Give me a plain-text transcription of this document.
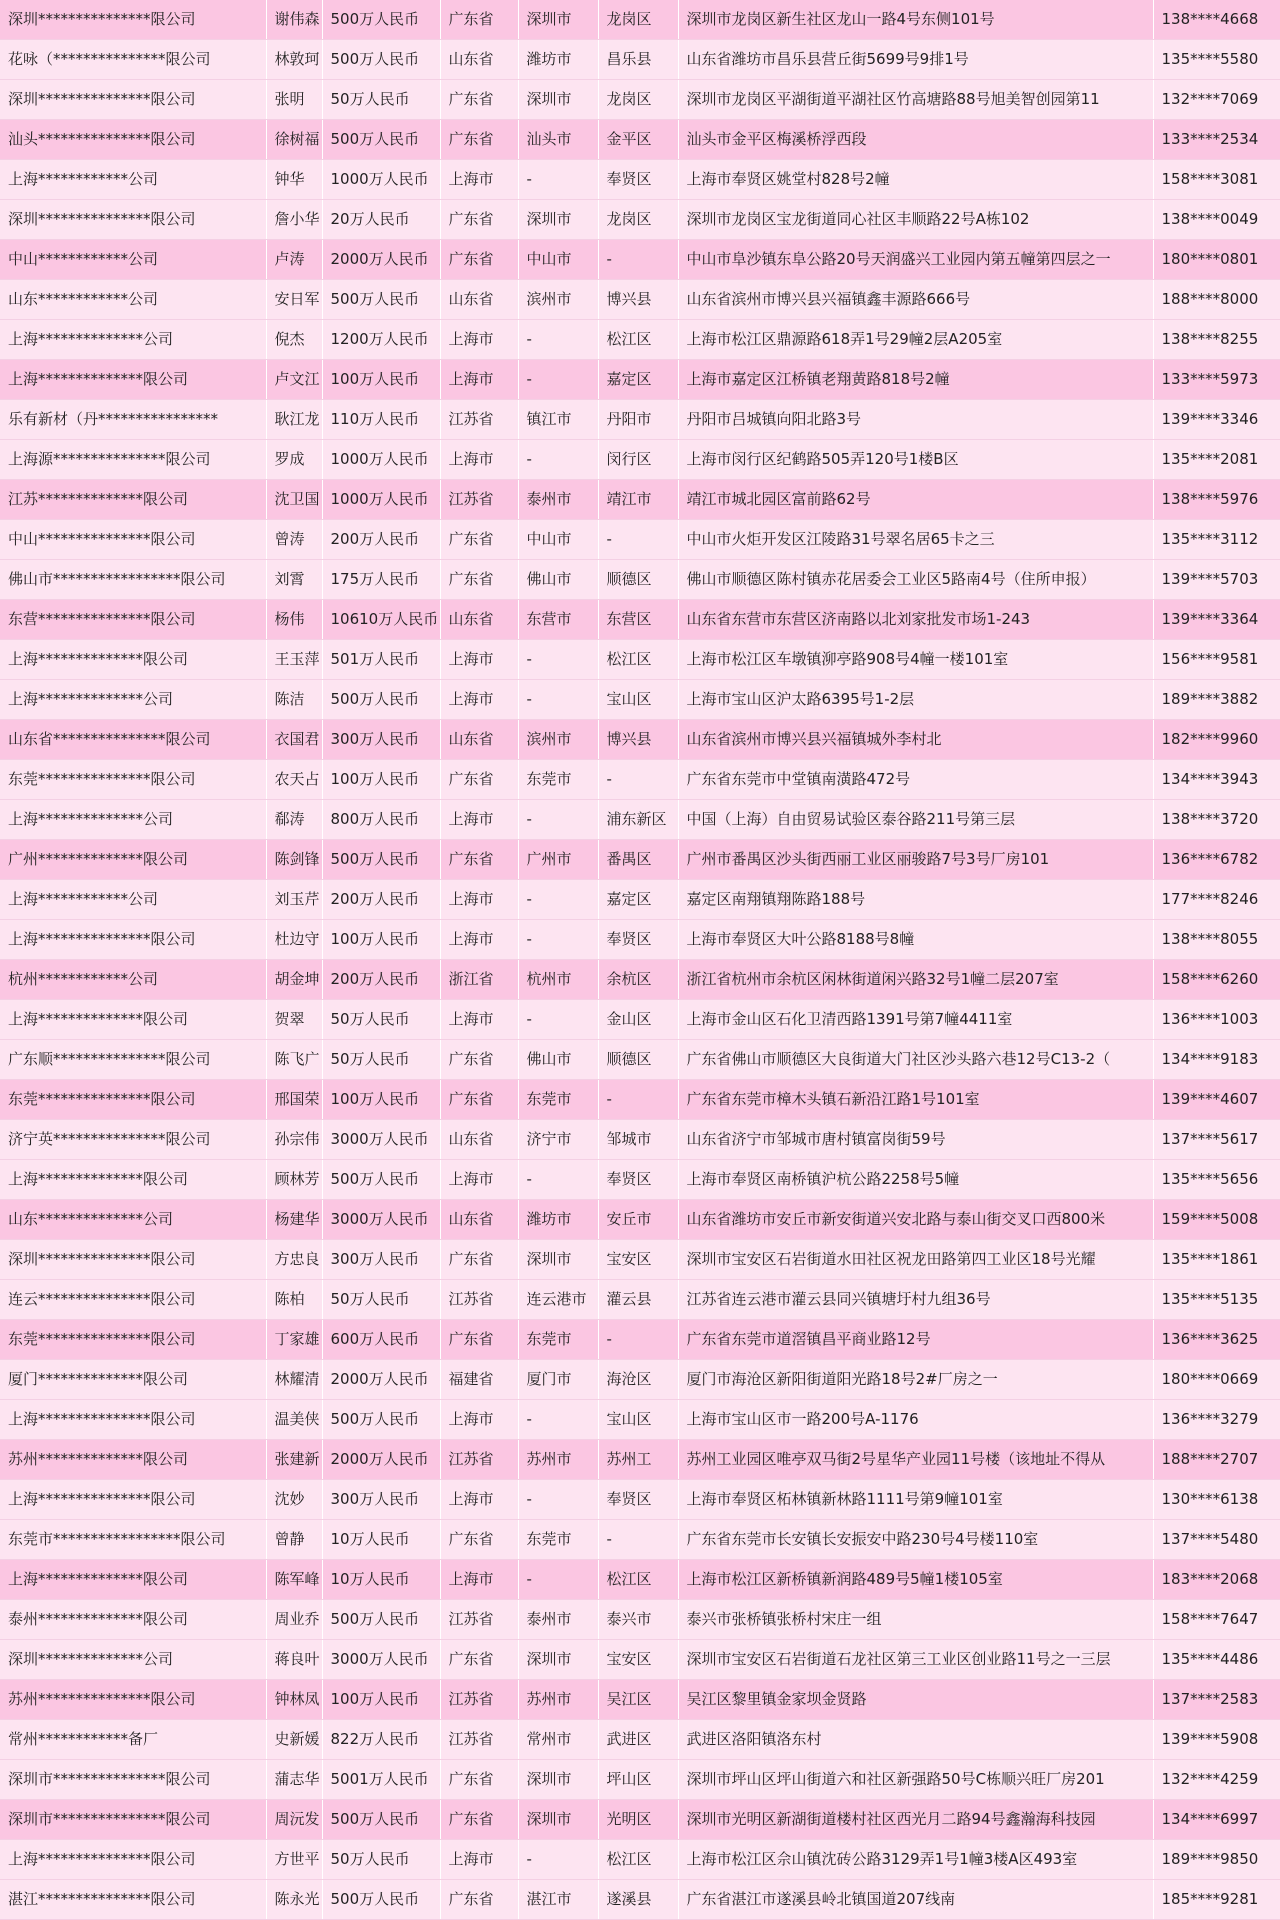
深圳***************限公司	谢伟森	500万人民币	广东省	深圳市	龙岗区	深圳市龙岗区新生社区龙山一路4号东侧101号	138****4668
花咏（***************限公司	林敦珂	500万人民币	山东省	潍坊市	昌乐县	山东省潍坊市昌乐县营丘街5699号9排1号	135****5580
深圳***************限公司	张明	50万人民币	广东省	深圳市	龙岗区	深圳市龙岗区平湖街道平湖社区竹高塘路88号旭美智创园第11	132****7069
汕头***************限公司	徐树福	500万人民币	广东省	汕头市	金平区	汕头市金平区梅溪桥浮西段	133****2534
上海************公司	钟华	1000万人民币	上海市	-	奉贤区	上海市奉贤区姚堂村828号2幢	158****3081
深圳***************限公司	詹小华	20万人民币	广东省	深圳市	龙岗区	深圳市龙岗区宝龙街道同心社区丰顺路22号A栋102	138****0049
中山************公司	卢涛	2000万人民币	广东省	中山市	-	中山市阜沙镇东阜公路20号天润盛兴工业园内第五幢第四层之一	180****0801
山东************公司	安日军	500万人民币	山东省	滨州市	博兴县	山东省滨州市博兴县兴福镇鑫丰源路666号	188****8000
上海**************公司	倪杰	1200万人民币	上海市	-	松江区	上海市松江区鼎源路618弄1号29幢2层A205室	138****8255
上海**************限公司	卢文江	100万人民币	上海市	-	嘉定区	上海市嘉定区江桥镇老翔黄路818号2幢	133****5973
乐有新材（丹****************	耿江龙	110万人民币	江苏省	镇江市	丹阳市	丹阳市吕城镇向阳北路3号	139****3346
上海源***************限公司	罗成	1000万人民币	上海市	-	闵行区	上海市闵行区纪鹤路505弄120号1楼B区	135****2081
江苏**************限公司	沈卫国	1000万人民币	江苏省	泰州市	靖江市	靖江市城北园区富前路62号	138****5976
中山***************限公司	曾涛	200万人民币	广东省	中山市	-	中山市火炬开发区江陵路31号翠名居65卡之三	135****3112
佛山市*****************限公司	刘霄	175万人民币	广东省	佛山市	顺德区	佛山市顺德区陈村镇赤花居委会工业区5路南4号（住所申报）	139****5703
东营***************限公司	杨伟	10610万人民币	山东省	东营市	东营区	山东省东营市东营区济南路以北刘家批发市场1-243	139****3364
上海**************限公司	王玉萍	501万人民币	上海市	-	松江区	上海市松江区车墩镇泖亭路908号4幢一楼101室	156****9581
上海**************公司	陈洁	500万人民币	上海市	-	宝山区	上海市宝山区沪太路6395号1-2层	189****3882
山东省***************限公司	衣国君	300万人民币	山东省	滨州市	博兴县	山东省滨州市博兴县兴福镇城外李村北	182****9960
东莞***************限公司	农天占	100万人民币	广东省	东莞市	-	广东省东莞市中堂镇南潢路472号	134****3943
上海**************公司	郗涛	800万人民币	上海市	-	浦东新区	中国（上海）自由贸易试验区泰谷路211号第三层	138****3720
广州**************限公司	陈剑锋	500万人民币	广东省	广州市	番禺区	广州市番禺区沙头街西丽工业区丽骏路7号3号厂房101	136****6782
上海************公司	刘玉芹	200万人民币	上海市	-	嘉定区	嘉定区南翔镇翔陈路188号	177****8246
上海***************限公司	杜边守	100万人民币	上海市	-	奉贤区	上海市奉贤区大叶公路8188号8幢	138****8055
杭州************公司	胡金坤	200万人民币	浙江省	杭州市	余杭区	浙江省杭州市余杭区闲林街道闲兴路32号1幢二层207室	158****6260
上海**************限公司	贺翠	50万人民币	上海市	-	金山区	上海市金山区石化卫清西路1391号第7幢4411室	136****1003
广东顺***************限公司	陈飞广	50万人民币	广东省	佛山市	顺德区	广东省佛山市顺德区大良街道大门社区沙头路六巷12号C13-2（	134****9183
东莞***************限公司	邢国荣	100万人民币	广东省	东莞市	-	广东省东莞市樟木头镇石新沿江路1号101室	139****4607
济宁英***************限公司	孙宗伟	3000万人民币	山东省	济宁市	邹城市	山东省济宁市邹城市唐村镇富岗街59号	137****5617
上海**************限公司	顾林芳	500万人民币	上海市	-	奉贤区	上海市奉贤区南桥镇沪杭公路2258号5幢	135****5656
山东**************公司	杨建华	3000万人民币	山东省	潍坊市	安丘市	山东省潍坊市安丘市新安街道兴安北路与泰山街交叉口西800米	159****5008
深圳***************限公司	方忠良	300万人民币	广东省	深圳市	宝安区	深圳市宝安区石岩街道水田社区祝龙田路第四工业区18号光耀	135****1861
连云***************限公司	陈柏	50万人民币	江苏省	连云港市	灌云县	江苏省连云港市灌云县同兴镇塘圩村九组36号	135****5135
东莞***************限公司	丁家雄	600万人民币	广东省	东莞市	-	广东省东莞市道滘镇昌平商业路12号	136****3625
厦门**************限公司	林耀清	2000万人民币	福建省	厦门市	海沧区	厦门市海沧区新阳街道阳光路18号2#厂房之一	180****0669
上海***************限公司	温美侠	500万人民币	上海市	-	宝山区	上海市宝山区市一路200号A-1176	136****3279
苏州**************限公司	张建新	2000万人民币	江苏省	苏州市	苏州工	苏州工业园区唯亭双马街2号星华产业园11号楼（该地址不得从	188****2707
上海***************限公司	沈妙	300万人民币	上海市	-	奉贤区	上海市奉贤区柘林镇新林路1111号第9幢101室	130****6138
东莞市*****************限公司	曾静	10万人民币	广东省	东莞市	-	广东省东莞市长安镇长安振安中路230号4号楼110室	137****5480
上海**************限公司	陈军峰	10万人民币	上海市	-	松江区	上海市松江区新桥镇新润路489号5幢1楼105室	183****2068
泰州**************限公司	周业乔	500万人民币	江苏省	泰州市	泰兴市	泰兴市张桥镇张桥村宋庄一组	158****7647
深圳**************公司	蒋良叶	3000万人民币	广东省	深圳市	宝安区	深圳市宝安区石岩街道石龙社区第三工业区创业路11号之一三层	135****4486
苏州***************限公司	钟林凤	100万人民币	江苏省	苏州市	吴江区	吴江区黎里镇金家坝金贤路	137****2583
常州************备厂	史新媛	822万人民币	江苏省	常州市	武进区	武进区洛阳镇洛东村	139****5908
深圳市***************限公司	蒲志华	5001万人民币	广东省	深圳市	坪山区	深圳市坪山区坪山街道六和社区新强路50号C栋顺兴旺厂房201	132****4259
深圳市***************限公司	周沅发	500万人民币	广东省	深圳市	光明区	深圳市光明区新湖街道楼村社区西光月二路94号鑫瀚海科技园	134****6997
上海***************限公司	方世平	50万人民币	上海市	-	松江区	上海市松江区佘山镇沈砖公路3129弄1号1幢3楼A区493室	189****9850
湛江***************限公司	陈永光	500万人民币	广东省	湛江市	遂溪县	广东省湛江市遂溪县岭北镇国道207线南	185****9281
